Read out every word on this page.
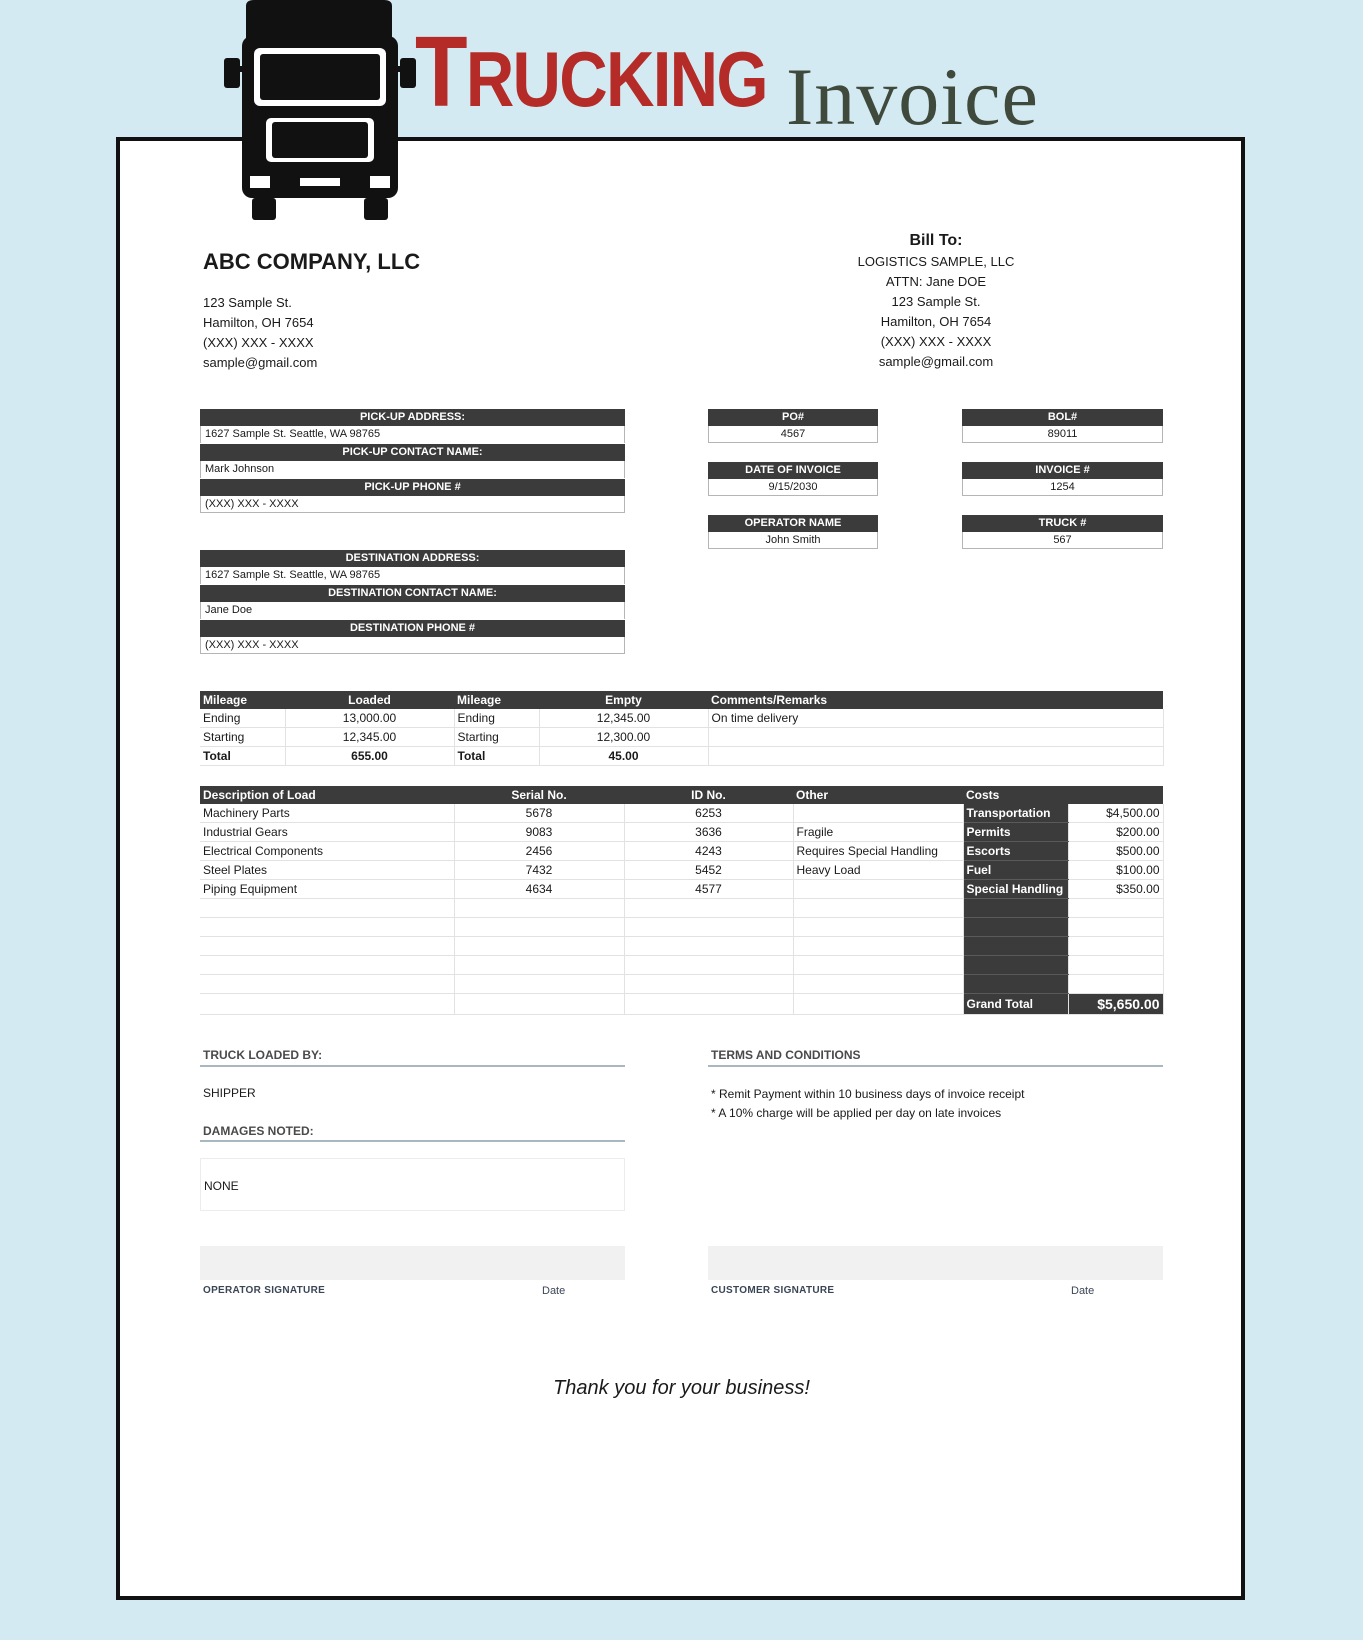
TRUCKING Invoice
ABC COMPANY, LLC
123 Sample St.
Hamilton, OH 7654
(XXX) XXX - XXXX
sample@gmail.com
Bill To:
LOGISTICS SAMPLE, LLC
ATTN: Jane DOE
123 Sample St.
Hamilton, OH 7654
(XXX) XXX - XXXX
sample@gmail.com
PICK-UP ADDRESS:
1627 Sample St. Seattle, WA 98765
PICK-UP CONTACT NAME:
Mark Johnson
PICK-UP PHONE #
(XXX) XXX - XXXX
DESTINATION ADDRESS:
1627 Sample St. Seattle, WA 98765
DESTINATION CONTACT NAME:
Jane Doe
DESTINATION PHONE #
(XXX) XXX - XXXX
PO#
4567
BOL#
89011
DATE OF INVOICE
9/15/2030
INVOICE #
1254
OPERATOR NAME
John Smith
TRUCK #
567
Mileage	Loaded	Mileage	Empty	Comments/Remarks
Ending	13,000.00	Ending	12,345.00	On time delivery
Starting	12,345.00	Starting	12,300.00	
Total	655.00	Total	45.00	
Description of Load	Serial No.	ID No.	Other	Costs	
Machinery Parts	5678	6253		Transportation	$4,500.00
Industrial Gears	9083	3636	Fragile	Permits	$200.00
Electrical Components	2456	4243	Requires Special Handling	Escorts	$500.00
Steel Plates	7432	5452	Heavy Load	Fuel	$100.00
Piping Equipment	4634	4577		Special Handling	$350.00

				Grand Total	$5,650.00
TRUCK LOADED BY:
SHIPPER
DAMAGES NOTED:
NONE
TERMS AND CONDITIONS
* Remit Payment within 10 business days of invoice receipt
* A 10% charge will be applied per day on late invoices
OPERATOR SIGNATURE	Date	CUSTOMER SIGNATURE	Date
Thank you for your business!
